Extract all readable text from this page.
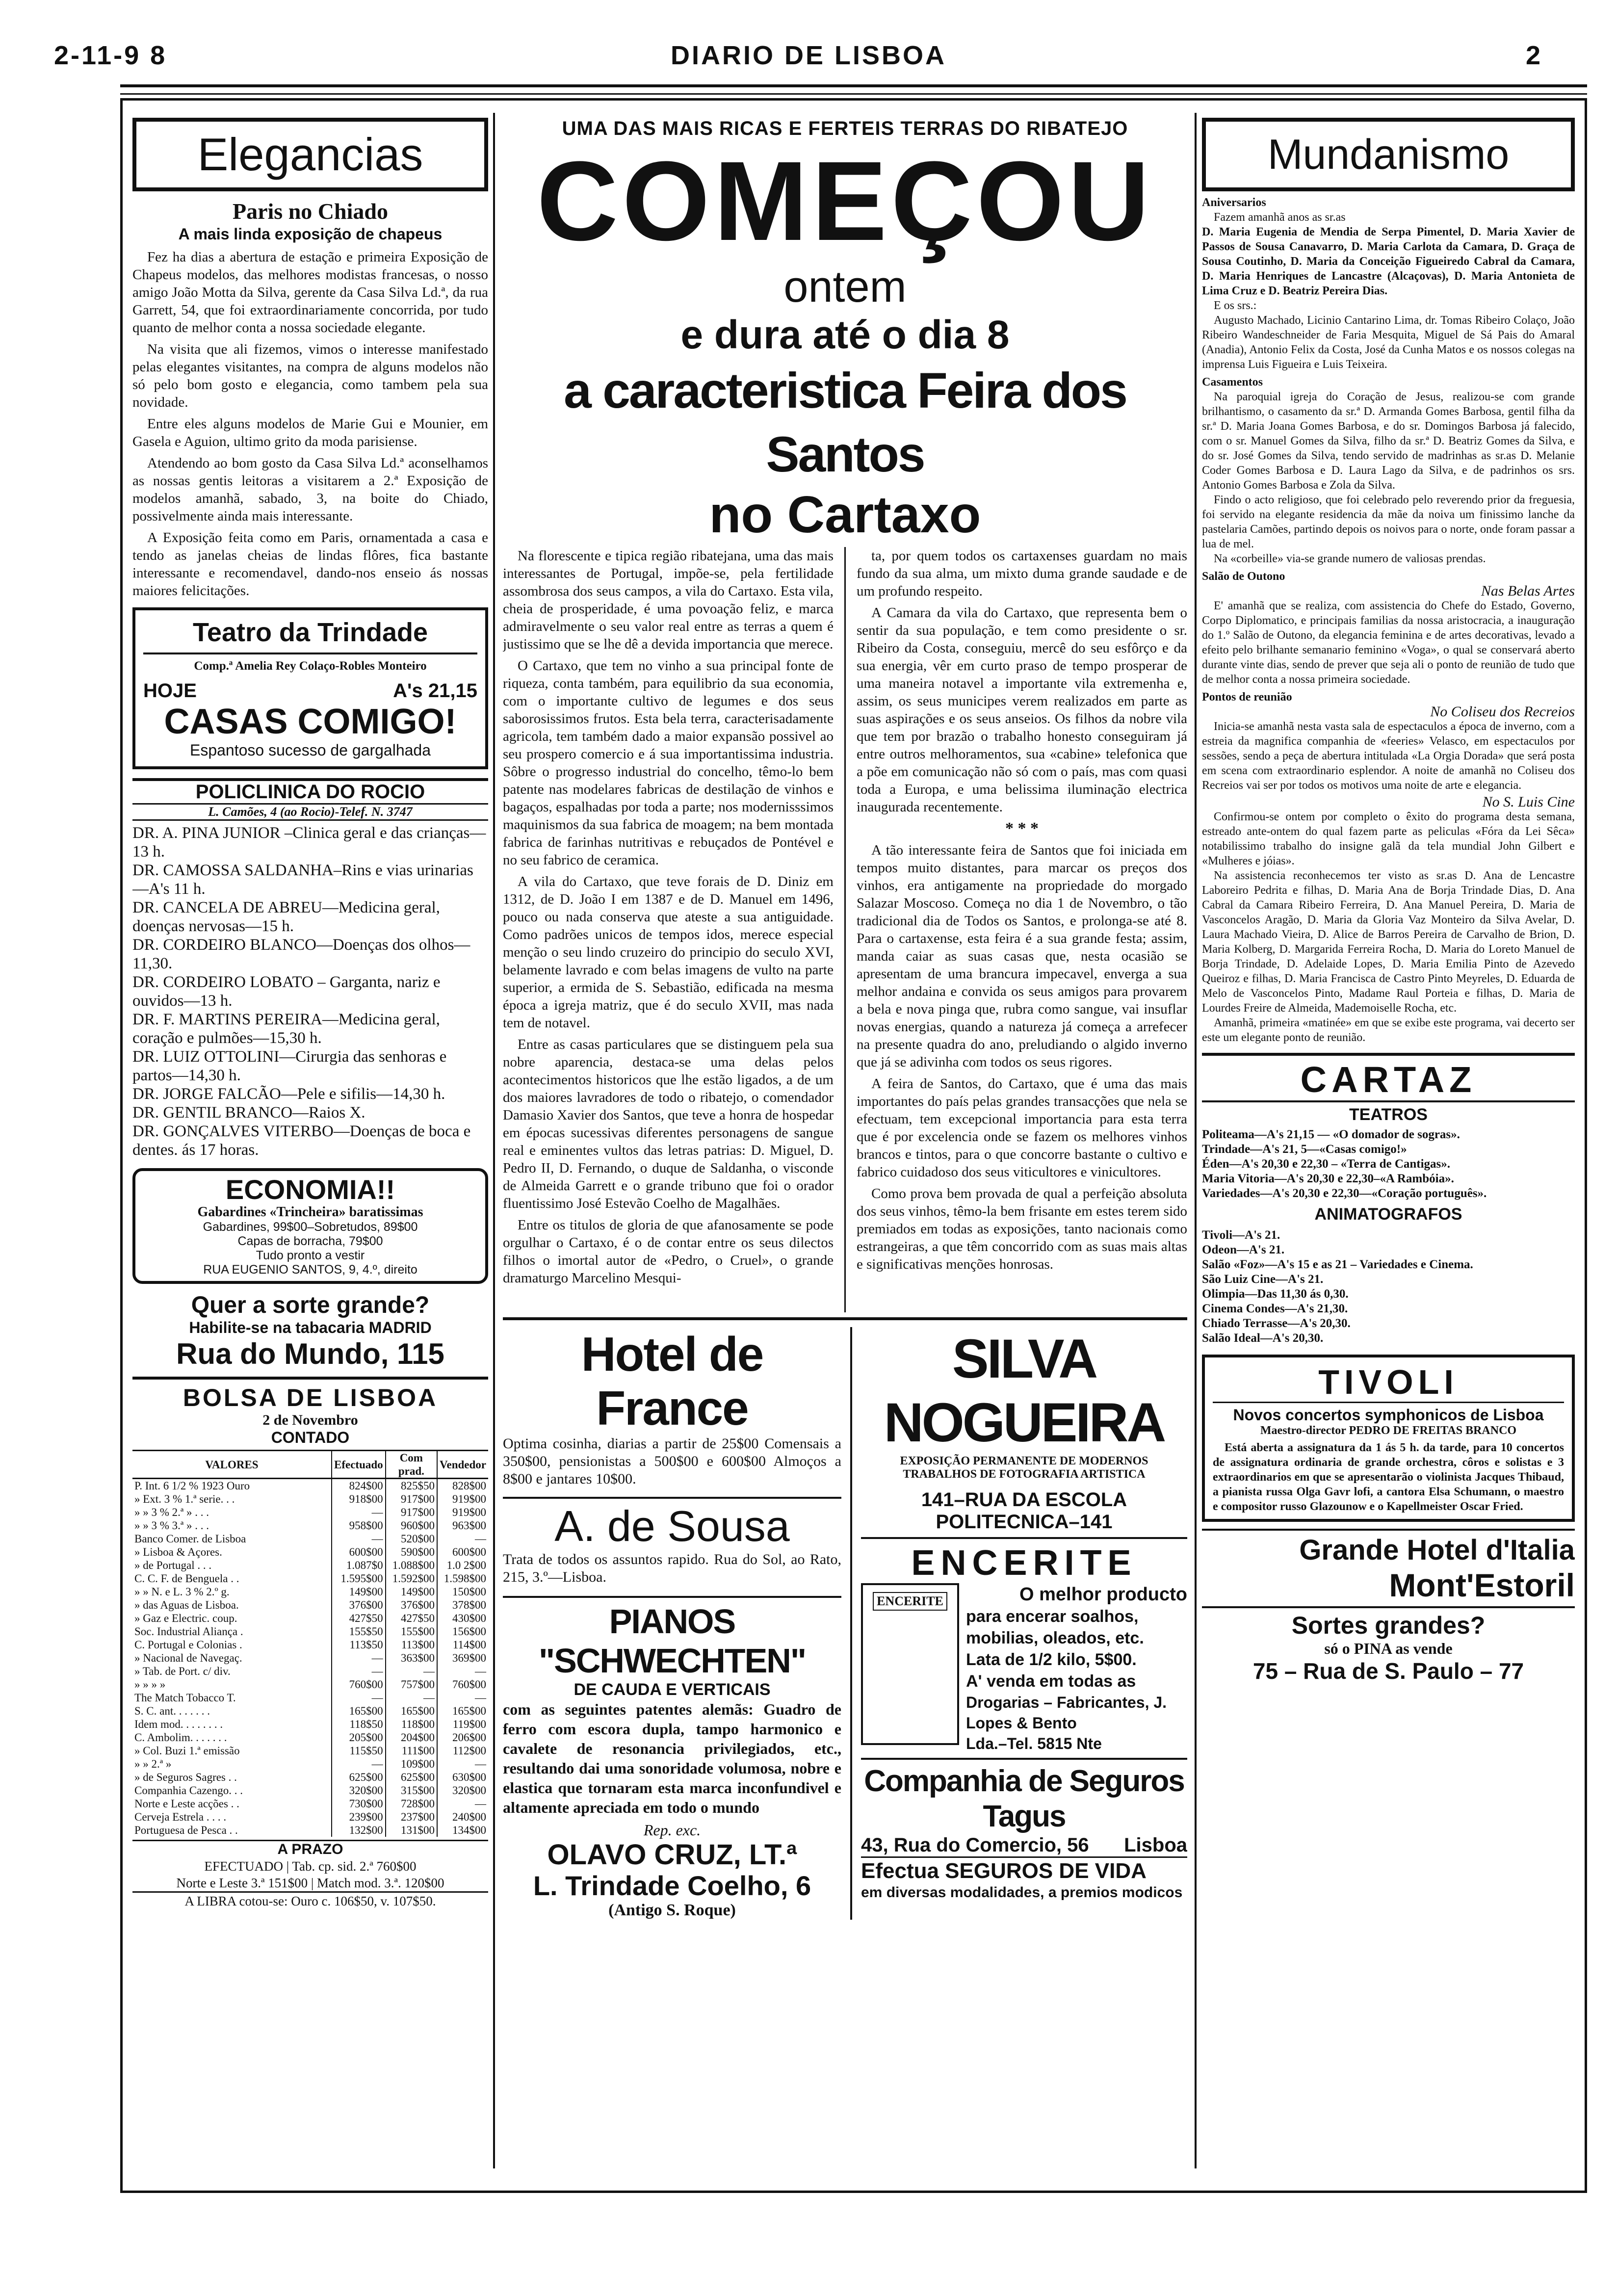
2-11-9 8	DIARIO DE LISBOA	2
Elegancias
Paris no Chiado
A mais linda exposição de chapeus

Fez ha dias a abertura de estação e primeira Exposição de Chapeus modelos, das melhores modistas francesas, o nosso amigo João Motta da Silva, gerente da Casa Silva Ld.ª, da rua Garrett, 54, que foi extraordinariamente concorrida, por tudo quanto de melhor conta a nossa sociedade elegante.

Na visita que ali fizemos, vimos o interesse manifestado pelas elegantes visitantes, na compra de alguns modelos não só pelo bom gosto e elegancia, como tambem pela sua novidade.

Entre eles alguns modelos de Marie Gui e Mounier, em Gasela e Aguion, ultimo grito da moda parisiense.

Atendendo ao bom gosto da Casa Silva Ld.ª aconselhamos as nossas gentis leitoras a visitarem a 2.ª Exposição de modelos amanhã, sabado, 3, na boite do Chiado, possivelmente ainda mais interessante.

A Exposição feita como em Paris, ornamentada a casa e tendo as janelas cheias de lindas flôres, fica bastante interessante e recomendavel, dando-nos enseio ás nossas maiores felicitações.

Teatro da Trindade
Comp.ª Amelia Rey Colaço-Robles Monteiro
HOJE	A's 21,15
CASAS COMIGO!
Espantoso sucesso de gargalhada
POLICLINICA DO ROCIO
L. Camões, 4 (ao Rocio)-Telef. N. 3747
DR. A. PINA JUNIOR –Clinica geral e das crianças—13 h.
DR. CAMOSSA SALDANHA–Rins e vias urinarias—A's 11 h.
DR. CANCELA DE ABREU—Medicina geral, doenças nervosas—15 h.
DR. CORDEIRO BLANCO—Doenças dos olhos—11,30.
DR. CORDEIRO LOBATO – Garganta, nariz e ouvidos—13 h.
DR. F. MARTINS PEREIRA—Medicina geral, coração e pulmões—15,30 h.
DR. LUIZ OTTOLINI—Cirurgia das senhoras e partos—14,30 h.
DR. JORGE FALCÃO—Pele e sifilis—14,30 h.
DR. GENTIL BRANCO—Raios X.
DR. GONÇALVES VITERBO—Doenças de boca e dentes. ás 17 horas.
ECONOMIA!!
Gabardines «Trincheira» baratissimas
Gabardines, 99$00–Sobretudos, 89$00
Capas de borracha, 79$00
Tudo pronto a vestir
RUA EUGENIO SANTOS, 9, 4.º, direito
Quer a sorte grande?
Habilite-se na tabacaria MADRID
Rua do Mundo, 115
BOLSA DE LISBOA
2 de Novembro
CONTADO
VALORES	Efectuado	Com prad.	Vendedor
P. Int. 6 1/2 % 1923 Ouro	824$00	825$50	828$00
» Ext. 3 % 1.ª serie. . .	918$00	917$00	919$00
» » 3 % 2.ª » . . .	—	917$00	919$00
» » 3 % 3.ª » . . .	958$00	960$00	963$00
Banco Comer. de Lisboa	—	520$00	—
» Lisboa & Açores.	600$00	590$00	600$00
» de Portugal . . .	1.087$0	1.088$00	1.0 2$00
C. C. F. de Benguela . .	1.595$00	1.592$00	1.598$00
» » N. e L. 3 % 2.º g.	149$00	149$00	150$00
» das Aguas de Lisboa.	376$00	376$00	378$00
» Gaz e Electric. coup.	427$50	427$50	430$00
Soc. Industrial Aliança .	155$50	155$00	156$00
C. Portugal e Colonias .	113$50	113$00	114$00
» Nacional de Navegaç.	—	363$00	369$00
» Tab. de Port. c/ div.	—	—	—
» » » »	760$00	757$00	760$00
The Match Tobacco T.	—	—	—
S. C. ant. . . . . . .	165$00	165$00	165$00
Idem mod. . . . . . . .	118$50	118$00	119$00
C. Ambolim. . . . . . .	205$00	204$00	206$00
» Col. Buzi 1.ª emissão	115$50	111$00	112$00
» » 2.ª »	—	109$00	—
» de Seguros Sagres . .	625$00	625$00	630$00
Companhia Cazengo. . .	320$00	315$00	320$00
Norte e Leste acções . .	730$00	728$00	—
Cerveja Estrela . . . .	239$00	237$00	240$00
Portuguesa de Pesca . .	132$00	131$00	134$00
A PRAZO
EFECTUADO | Tab. cp. sid. 2.ª 760$00
Norte e Leste 3.ª 151$00 | Match mod. 3.ª. 120$00
A LIBRA cotou-se: Ouro c. 106$50, v. 107$50.
UMA DAS MAIS RICAS E FERTEIS TERRAS DO RIBATEJO
COMEÇOU
ontem
e dura até o dia 8
a caracteristica Feira dos Santos
no Cartaxo

Na florescente e tipica região ribatejana, uma das mais interessantes de Portugal, impõe-se, pela fertilidade assombrosa dos seus campos, a vila do Cartaxo. Esta vila, cheia de prosperidade, é uma povoação feliz, e marca admiravelmente o seu valor real entre as terras a quem é justissimo que se lhe dê a devida importancia que merece.

O Cartaxo, que tem no vinho a sua principal fonte de riqueza, conta também, para equilibrio da sua economia, com o importante cultivo de legumes e dos seus saborosissimos frutos. Esta bela terra, caracterisadamente agricola, tem também dado a maior expansão possivel ao seu prospero comercio e á sua importantissima industria. Sôbre o progresso industrial do concelho, têmo-lo bem patente nas modelares fabricas de destilação de vinhos e bagaços, espalhadas por toda a parte; nos modernisssimos maquinismos da sua fabrica de moagem; na bem montada fabrica de farinhas nutritivas e rebuçados de Pontével e no seu fabrico de ceramica.

A vila do Cartaxo, que teve forais de D. Diniz em 1312, de D. João I em 1387 e de D. Manuel em 1496, pouco ou nada conserva que ateste a sua antiguidade. Como padrões unicos de tempos idos, merece especial menção o seu lindo cruzeiro do principio do seculo XVI, belamente lavrado e com belas imagens de vulto na parte superior, a ermida de S. Sebastião, edificada na mesma época a igreja matriz, que é do seculo XVII, mas nada tem de notavel.

Entre as casas particulares que se distinguem pela sua nobre aparencia, destaca-se uma delas pelos acontecimentos historicos que lhe estão ligados, a de um dos maiores lavradores de todo o ribatejo, o comendador Damasio Xavier dos Santos, que teve a honra de hospedar em épocas sucessivas diferentes personagens de sangue real e eminentes vultos das letras patrias: D. Miguel, D. Pedro II, D. Fernando, o duque de Saldanha, o visconde de Almeida Garrett e o grande tribuno que foi o orador fluentissimo José Estevão Coelho de Magalhães.

Entre os titulos de gloria de que afanosamente se pode orgulhar o Cartaxo, é o de contar entre os seus dilectos filhos o imortal autor de «Pedro, o Cruel», o grande dramaturgo Marcelino Mesqui-

ta, por quem todos os cartaxenses guardam no mais fundo da sua alma, um mixto duma grande saudade e de um profundo respeito.

A Camara da vila do Cartaxo, que representa bem o sentir da sua população, e tem como presidente o sr. Ribeiro da Costa, conseguiu, mercê do seu esfôrço e da sua energia, vêr em curto praso de tempo prosperar de uma maneira notavel a importante vila extremenha e, assim, os seus municipes verem realizados em parte as suas aspirações e os seus anseios. Os filhos da nobre vila que tem por brazão o trabalho honesto conseguiram já entre outros melhoramentos, sua «cabine» telefonica que a põe em comunicação não só com o país, mas com quasi toda a Europa, e uma belissima iluminação electrica inaugurada recentemente.

* * *

A tão interessante feira de Santos que foi iniciada em tempos muito distantes, para marcar os preços dos vinhos, era antigamente na propriedade do morgado Salazar Moscoso. Começa no dia 1 de Novembro, o tão tradicional dia de Todos os Santos, e prolonga-se até 8. Para o cartaxense, esta feira é a sua grande festa; assim, manda caiar as suas casas que, nesta ocasião se apresentam de uma brancura impecavel, enverga a sua melhor andaina e convida os seus amigos para provarem a bela e nova pinga que, rubra como sangue, vai insuflar novas energias, quando a natureza já começa a arrefecer na presente quadra do ano, preludiando o algido inverno que já se adivinha com todos os seus rigores.

A feira de Santos, do Cartaxo, que é uma das mais importantes do país pelas grandes transacções que nela se efectuam, tem excepcional importancia para esta terra que é por excelencia onde se fazem os melhores vinhos brancos e tintos, para o que concorre bastante o cultivo e fabrico cuidadoso dos seus viticultores e vinicultores.

Como prova bem provada de qual a perfeição absoluta dos seus vinhos, têmo-la bem frisante em estes terem sido premiados em todas as exposições, tanto nacionais como estrangeiras, a que têm concorrido com as suas mais altas e significativas menções honrosas.

Hotel de France
Optima cosinha, diarias a partir de 25$00 Comensais a 350$00, pensionistas a 500$00 e 600$00 Almoços a 8$00 e jantares 10$00.
A. de Sousa
Trata de todos os assuntos rapido. Rua do Sol, ao Rato, 215, 3.º—Lisboa.
PIANOS "SCHWECHTEN"
DE CAUDA E VERTICAIS
com as seguintes patentes alemãs: Guadro de ferro com escora dupla, tampo harmonico e cavalete de resonancia privilegiados, etc., resultando dai uma sonoridade volumosa, nobre e elastica que tornaram esta marca inconfundivel e altamente apreciada em todo o mundo
Rep. exc.
OLAVO CRUZ, LT.ª
L. Trindade Coelho, 6
(Antigo S. Roque)
SILVA NOGUEIRA
EXPOSIÇÃO PERMANENTE DE MODERNOS
TRABALHOS DE FOTOGRAFIA ARTISTICA
141–RUA DA ESCOLA POLITECNICA–141
ENCERITE
ENCERITE	O melhor producto
para encerar soalhos,
mobilias, oleados, etc.
Lata de 1/2 kilo, 5$00.
A' venda em todas as
Drogarias – Fabricantes, J. Lopes & Bento
Lda.–Tel. 5815 Nte
Companhia de Seguros Tagus
43, Rua do Comercio, 56 Lisboa
Efectua SEGUROS DE VIDA
em diversas modalidades, a premios modicos
Mundanismo
Aniversarios
Fazem amanhã anos as sr.as
D. Maria Eugenia de Mendia de Serpa Pimentel, D. Maria Xavier de Passos de Sousa Canavarro, D. Maria Carlota da Camara, D. Graça de Sousa Coutinho, D. Maria da Conceição Figueiredo Cabral da Camara, D. Maria Henriques de Lancastre (Alcaçovas), D. Maria Antonieta de Lima Cruz e D. Beatriz Pereira Dias.
E os srs.:
Augusto Machado, Licinio Cantarino Lima, dr. Tomas Ribeiro Colaço, João Ribeiro Wandeschneider de Faria Mesquita, Miguel de Sá Pais do Amaral (Anadia), Antonio Felix da Costa, José da Cunha Matos e os nossos colegas na imprensa Luis Figueira e Luis Teixeira.
Casamentos
Na paroquial igreja do Coração de Jesus, realizou-se com grande brilhantismo, o casamento da sr.ª D. Armanda Gomes Barbosa, gentil filha da sr.ª D. Maria Joana Gomes Barbosa, e do sr. Domingos Barbosa já falecido, com o sr. Manuel Gomes da Silva, filho da sr.ª D. Beatriz Gomes da Silva, e do sr. José Gomes da Silva, tendo servido de madrinhas as sr.as D. Melanie Coder Gomes Barbosa e D. Laura Lago da Silva, e de padrinhos os srs. Antonio Gomes Barbosa e Zola da Silva.
Findo o acto religioso, que foi celebrado pelo reverendo prior da freguesia, foi servido na elegante residencia da mãe da noiva um finissimo lanche da pastelaria Camões, partindo depois os noivos para o norte, onde foram passar a lua de mel.
Na «corbeille» via-se grande numero de valiosas prendas.
Salão de Outono
Nas Belas Artes
E' amanhã que se realiza, com assistencia do Chefe do Estado, Governo, Corpo Diplomatico, e principais familias da nossa aristocracia, a inauguração do 1.º Salão de Outono, da elegancia feminina e de artes decorativas, levado a efeito pelo brilhante semanario feminino «Voga», o qual se conservará aberto durante vinte dias, sendo de prever que seja ali o ponto de reunião de tudo que de melhor conta a nossa primeira sociedade.
Pontos de reunião
No Coliseu dos Recreios
Inicia-se amanhã nesta vasta sala de espectaculos a época de inverno, com a estreia da magnifica companhia de «feeries» Velasco, em espectaculos por sessões, sendo a peça de abertura intitulada «La Orgia Dorada» que será posta em scena com extraordinario esplendor. A noite de amanhã no Coliseu dos Recreios vai ser por todos os motivos uma noite de arte e elegancia.
No S. Luis Cine
Confirmou-se ontem por completo o êxito do programa desta semana, estreado ante-ontem do qual fazem parte as peliculas «Fóra da Lei Sêca» notabilissimo trabalho do insigne galã da tela mundial John Gilbert e «Mulheres e jóias».
Na assistencia reconhecemos ter visto as sr.as D. Ana de Lencastre Laboreiro Pedrita e filhas, D. Maria Ana de Borja Trindade Dias, D. Ana Cabral da Camara Ribeiro Ferreira, D. Ana Manuel Pereira, D. Maria de Vasconcelos Aragão, D. Maria da Gloria Vaz Monteiro da Silva Avelar, D. Laura Machado Vieira, D. Alice de Barros Pereira de Carvalho de Brion, D. Maria Kolberg, D. Margarida Ferreira Rocha, D. Maria do Loreto Manuel de Borja Trindade, D. Adelaide Lopes, D. Maria Emilia Pinto de Azevedo Queiroz e filhas, D. Maria Francisca de Castro Pinto Meyreles, D. Eduarda de Melo de Vasconcelos Pinto, Madame Raul Porteia e filhas, D. Maria de Lourdes Freire de Almeida, Mademoiselle Rocha, etc.
Amanhã, primeira «matinée» em que se exibe este programa, vai decerto ser este um elegante ponto de reunião.
CARTAZ
TEATROS
Politeama—A's 21,15 — «O domador de sogras».
Trindade—A's 21, 5—«Casas comigo!»
Éden—A's 20,30 e 22,30 – «Terra de Cantigas».
Maria Vitoria—A's 20,30 e 22,30–«A Rambóia».
Variedades—A's 20,30 e 22,30—«Coração português».
ANIMATOGRAFOS
Tivoli—A's 21.
Odeon—A's 21.
Salão «Foz»—A's 15 e as 21 – Variedades e Cinema.
São Luiz Cine—A's 21.
Olimpia—Das 11,30 ás 0,30.
Cinema Condes—A's 21,30.
Chiado Terrasse—A's 20,30.
Salão Ideal—A's 20,30.
TIVOLI
Novos concertos symphonicos de Lisboa
Maestro-director PEDRO DE FREITAS BRANCO
Está aberta a assignatura da 1 ás 5 h. da tarde, para 10 concertos de assignatura ordinaria de grande orchestra, côros e solistas e 3 extraordinarios em que se apresentarão o violinista Jacques Thibaud, a pianista russa Olga Gavr lofi, a cantora Elsa Schumann, o maestro e compositor russo Glazounow e o Kapellmeister Oscar Fried.
Grande Hotel d'Italia
Mont'Estoril
Sortes grandes?
só o PINA as vende
75 – Rua de S. Paulo – 77
